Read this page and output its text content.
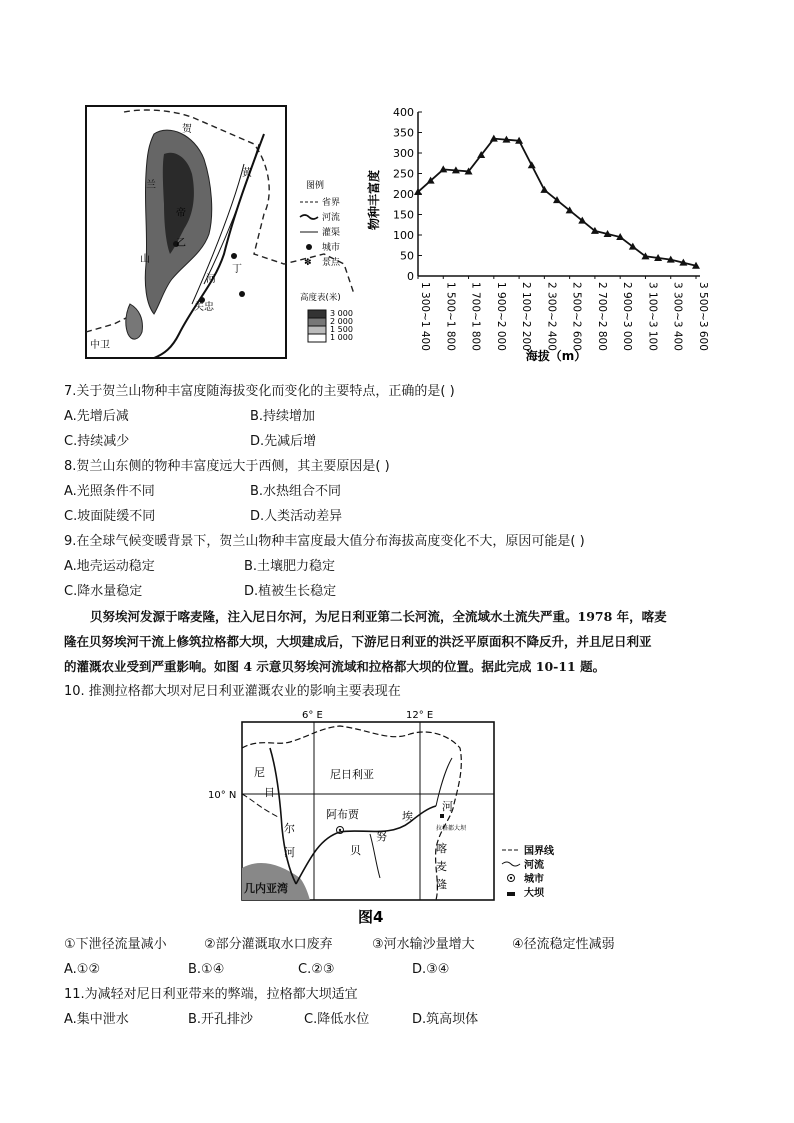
贺
兰
帝
山
乙
黄
河
丁
关忠
中卫
图例
省界
河流
灌渠
城市
✽ 景点
高度表(米)
3 000
2 000
1 500
1 000
0
50
100
150
200
250
300
350
400
1 300~1 400 1 500~1 800 1 700~1 800 1 900~2 000 2 100~2 200 2 300~2 400 2 500~2 600 2 700~2 800 2 900~3 000 3 100~3 100 3 300~3 400 3 500~3 600
物种丰富度
海拔（m）
7.关于贺兰山物种丰富度随海拔变化而变化的主要特点，正确的是( )
A.先增后减	B.持续增加
C.持续减少	D.先减后增
8.贺兰山东侧的物种丰富度远大于西侧，其主要原因是( )
A.光照条件不同	B.水热组合不同
C.坡面陡缓不同	D.人类活动差异
9.在全球气候变暖背景下，贺兰山物种丰富度最大值分布海拔高度变化不大，原因可能是( )
A.地壳运动稳定	B.土壤肥力稳定
C.降水量稳定	D.植被生长稳定
贝努埃河发源于喀麦隆，注入尼日尔河，为尼日利亚第二长河流，全流域水土流失严重。1978 年，喀麦
隆在贝努埃河干流上修筑拉格都大坝，大坝建成后，下游尼日利亚的洪泛平原面积不降反升，并且尼日利亚
的灌溉农业受到严重影响。如图 4 示意贝努埃河流域和拉格都大坝的位置。据此完成 10-11 题。
10. 推测拉格都大坝对尼日利亚灌溉农业的影响主要表现在
6° E	12° E
10° N
尼日利亚
尼
日
尔
河
阿布贾
贝
努
埃
河
拉格都大坝
喀
麦
隆
几内亚湾
国界线
河流
城市
大坝
图4
①下泄径流量减小	②部分灌溉取水口废弃	③河水输沙量增大	④径流稳定性减弱
A.①②	B.①④	C.②③	D.③④
11.为减轻对尼日利亚带来的弊端，拉格都大坝适宜
A.集中泄水	B.开孔排沙	C.降低水位	D.筑高坝体
